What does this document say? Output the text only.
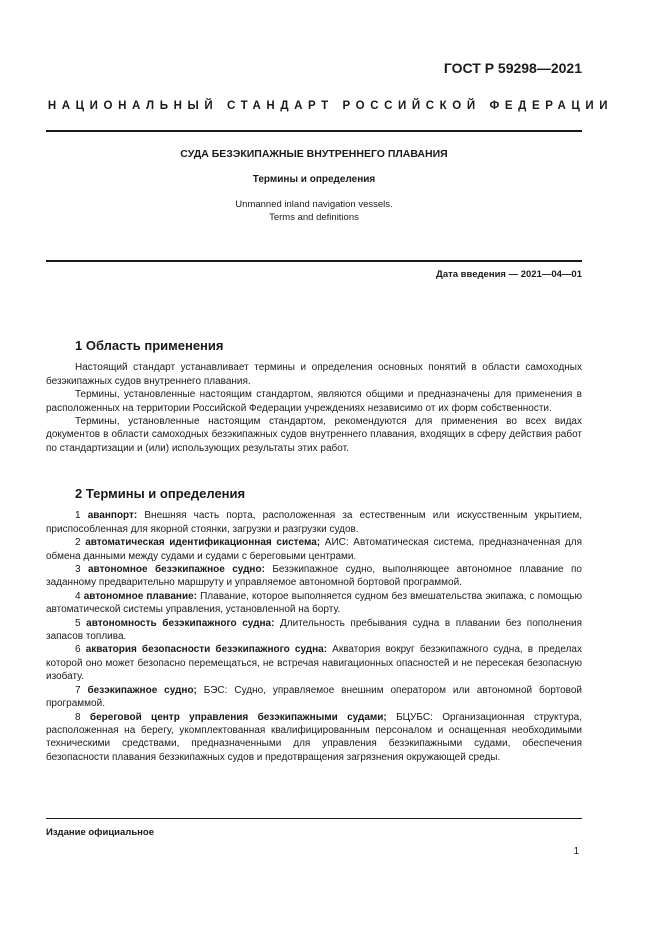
ГОСТ Р 59298—2021
НАЦИОНАЛЬНЫЙ СТАНДАРТ РОССИЙСКОЙ ФЕДЕРАЦИИ
СУДА БЕЗЭКИПАЖНЫЕ ВНУТРЕННЕГО ПЛАВАНИЯ
Термины и определения
Unmanned inland navigation vessels.
Terms and definitions
Дата введения — 2021—04—01
1 Область применения

Настоящий стандарт устанавливает термины и определения основных понятий в области самоходных безэкипажных судов внутреннего плавания.

Термины, установленные настоящим стандартом, являются общими и предназначены для применения в расположенных на территории Российской Федерации учреждениях независимо от их форм собственности.

Термины, установленные настоящим стандартом, рекомендуются для применения во всех видах документов в области самоходных безэкипажных судов внутреннего плавания, входящих в сферу действия работ по стандартизации и (или) использующих результаты этих работ.

2 Термины и определения

1 аванпорт: Внешняя часть порта, расположенная за естественным или искусственным укрытием, приспособленная для якорной стоянки, загрузки и разгрузки судов.

2 автоматическая идентификационная система; АИС: Автоматическая система, предназначенная для обмена данными между судами и судами с береговыми центрами.

3 автономное безэкипажное судно: Безэкипажное судно, выполняющее автономное плавание по заданному предварительно маршруту и управляемое автономной бортовой программой.

4 автономное плавание: Плавание, которое выполняется судном без вмешательства экипажа, с помощью автоматической системы управления, установленной на борту.

5 автономность безэкипажного судна: Длительность пребывания судна в плавании без пополнения запасов топлива.

6 акватория безопасности безэкипажного судна: Акватория вокруг безэкипажного судна, в пределах которой оно может безопасно перемещаться, не встречая навигационных опасностей и не пересекая безопасную изобату.

7 безэкипажное судно; БЭС: Судно, управляемое внешним оператором или автономной бортовой программой.

8 береговой центр управления безэкипажными судами; БЦУБС: Организационная структура, расположенная на берегу, укомплектованная квалифицированным персоналом и оснащенная необходимыми техническими средствами, предназначенными для управления безэкипажными судами, обеспечения безопасности плавания безэкипажных судов и предотвращения загрязнения окружающей среды.

Издание официальное
1
